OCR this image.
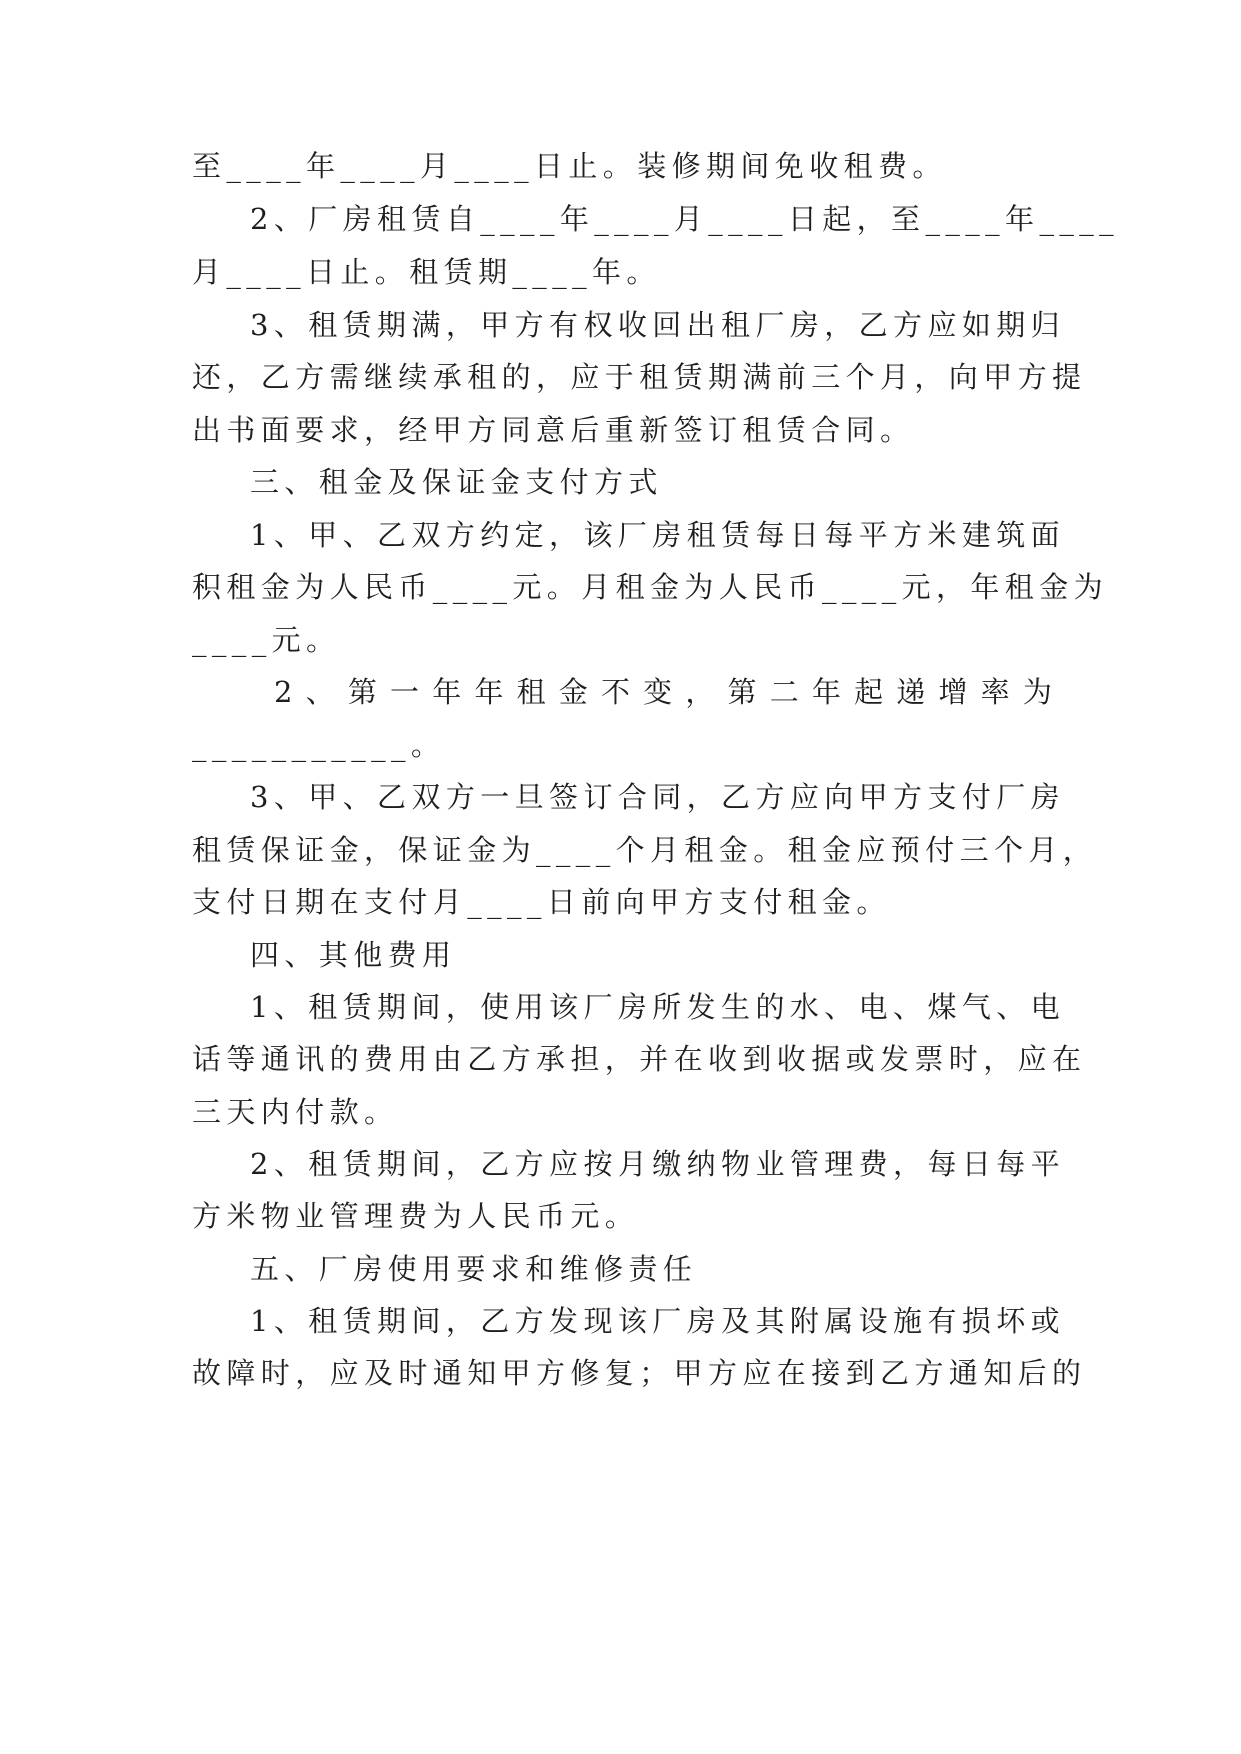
至____年____月____日止。装修期间免收租费。
2、厂房租赁自____年____月____日起，至____年____
月____日止。租赁期____年。
3、租赁期满，甲方有权收回出租厂房，乙方应如期归
还，乙方需继续承租的，应于租赁期满前三个月，向甲方提
出书面要求，经甲方同意后重新签订租赁合同。
三、租金及保证金支付方式
1、甲、乙双方约定，该厂房租赁每日每平方米建筑面
积租金为人民币____元。月租金为人民币____元，年租金为
____元。
2 、 第 一 年 年 租 金 不 变 ， 第 二 年 起 递 增 率 为
___________。
3、甲、乙双方一旦签订合同，乙方应向甲方支付厂房
租赁保证金，保证金为____个月租金。租金应预付三个月，
支付日期在支付月____日前向甲方支付租金。
四、其他费用
1、租赁期间，使用该厂房所发生的水、电、煤气、电
话等通讯的费用由乙方承担，并在收到收据或发票时，应在
三天内付款。
2、租赁期间，乙方应按月缴纳物业管理费，每日每平
方米物业管理费为人民币元。
五、厂房使用要求和维修责任
1、租赁期间，乙方发现该厂房及其附属设施有损坏或
故障时，应及时通知甲方修复；甲方应在接到乙方通知后的
